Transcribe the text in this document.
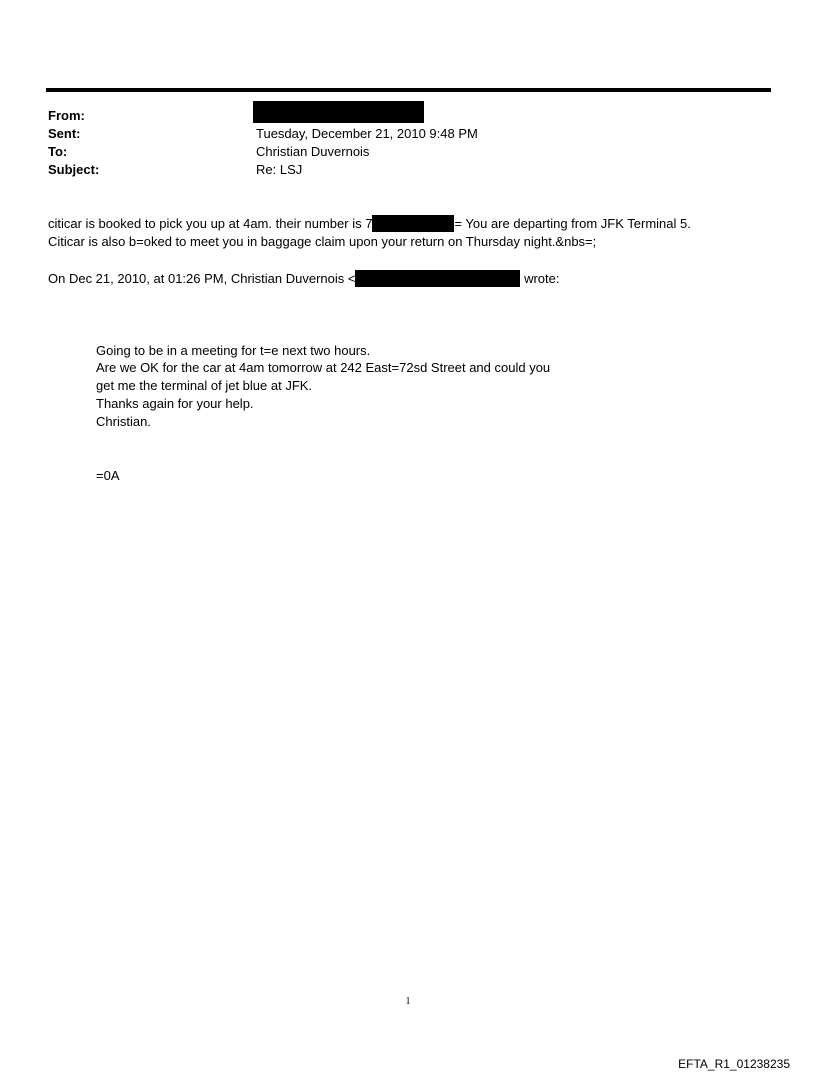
From:
Sent:	Tuesday, December 21, 2010 9:48 PM
To:	Christian Duvernois
Subject:	Re: LSJ
citicar is booked to pick you up at 4am. their number is 7	= You are departing from JFK Terminal 5.
Citicar is also b=oked to meet you in baggage claim upon your return on Thursday night.&nbs=;
On Dec 21, 2010, at 01:26 PM, Christian Duvernois <	wrote:
Going to be in a meeting for t=e next two hours.
Are we OK for the car at 4am tomorrow at 242 East=72sd Street and could you
get me the terminal of jet blue at JFK.
Thanks again for your help.
Christian.
=0A
1
EFTA_R1_01238235
